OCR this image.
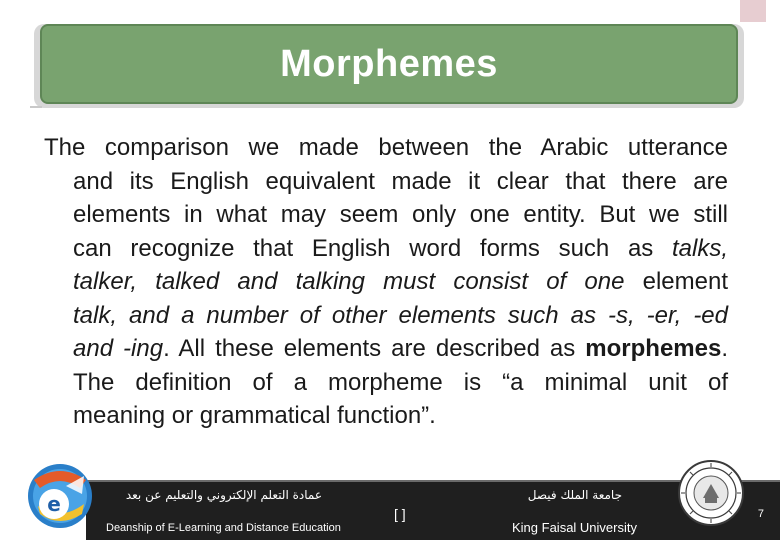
Morphemes
The comparison we made between the Arabic utterance
and its English equivalent made it clear that there are
elements in what may seem only one entity. But we still
can recognize that English word forms such as talks,
talker, talked and talking must consist of one element
talk, and a number of other elements such as -s, -er, -ed
and -ing. All these elements are described as morphemes.
The definition of a morpheme is “a minimal unit of
meaning or grammatical function”.
عمادة التعلم الإلكتروني والتعليم عن بعد
Deanship of E-Learning and Distance Education
[ ]
جامعة الملك فيصل
King Faisal University
7
e
